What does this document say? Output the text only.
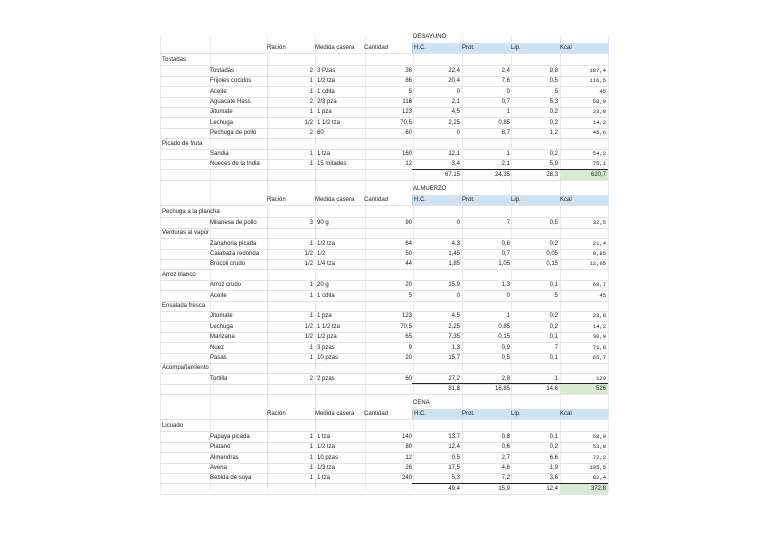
DESAYUNO
Ración	Medida casera Cantidad	H.C.	Prot.	Lip.	Kcal
Tostadas
Tostadas	2 3 Pzas	36	22,4	2,4	9,8	187,4
Frijoles cocidos	1 1/2 tza	86	20,4	7,6	0,5	116,5
Aceite	1 1 cdita	5	0	0	5	45
Aguacate Hass	2 2/3 pza	116	2,1	0,7	5,3	58,9
Jitomate	1 1 pza	123	4,5	1	0,2	23,8
Lechuga	1/2 1 1/2 tza	70,5	2,25	0,85	0,2	14,2
Pechuga de pollo	2 60	60	0	8,7	1,2	45,6
Picado de fruta
Sandia	1 1 tza	160	12,1	1	0,2	54,2
Nueces de la India	1 15 mitades	12	3,4	2,1	5,9	75,1
67,15	24,35	28,3	620,7
ALMUERZO
Ración	Medida casera Cantidad	H.C.	Prot.	Lip.	Kcal
Pechuga a la plancha
Milanesa de pollo	3 90 g	90	0	7	0,5	32,5
Verduras al vapor
Zanahoria picada	1 1/2 tza	64	4,3	0,6	0,2	21,4
Calabaza redonda	1/2 1/2	50	1,45	0,7	0,05	9,85
Brocoli crudo	1/2 1/4 tza	44	1,85	1,05	0,15	12,95
Arroz blanco
Arroz crudo	1 20 g	20	15,9	1,3	0,1	69,7
Aceite	1 1 cdita	5	0	0	5	45
Ensalada fresca
Jitomate	1 1 pza	123	4,5	1	0,2	23,8
Lechuga	1/2 1 1/2 tza	70,5	2,25	0,85	0,2	14,2
Manzana	1/2 1/2 pza	65	7,35	0,15	0,1	30,9
Nuez	1 3 pzas	9	1,3	0,9	7	71,8
Pasas	1 10 pzas	20	15,7	0,5	0,1	65,7
Acompañamiento
Tortilla	2 2 pzas	60	27,2	2,8	1	129
81,8	16,85	14,6	526
CENA
Ración	Medida casera Cantidad	H.C.	Prot.	Lip.	Kcal
Licuado
Papaya picada	1 1 tza	140	13,7	0,8	0,1	58,9
Platano	1 1/2 tza	80	12,4	0,6	0,2	53,8
Almendras	1 10 pzas	12	0,5	2,7	6,6	72,2
Avena	1 1/3 tza	26	17,5	4,6	1,9	105,5
Bebida de soya	1 1 tza	240	5,3	7,2	3,6	82,4
49,4	15,9	12,4	372,8
